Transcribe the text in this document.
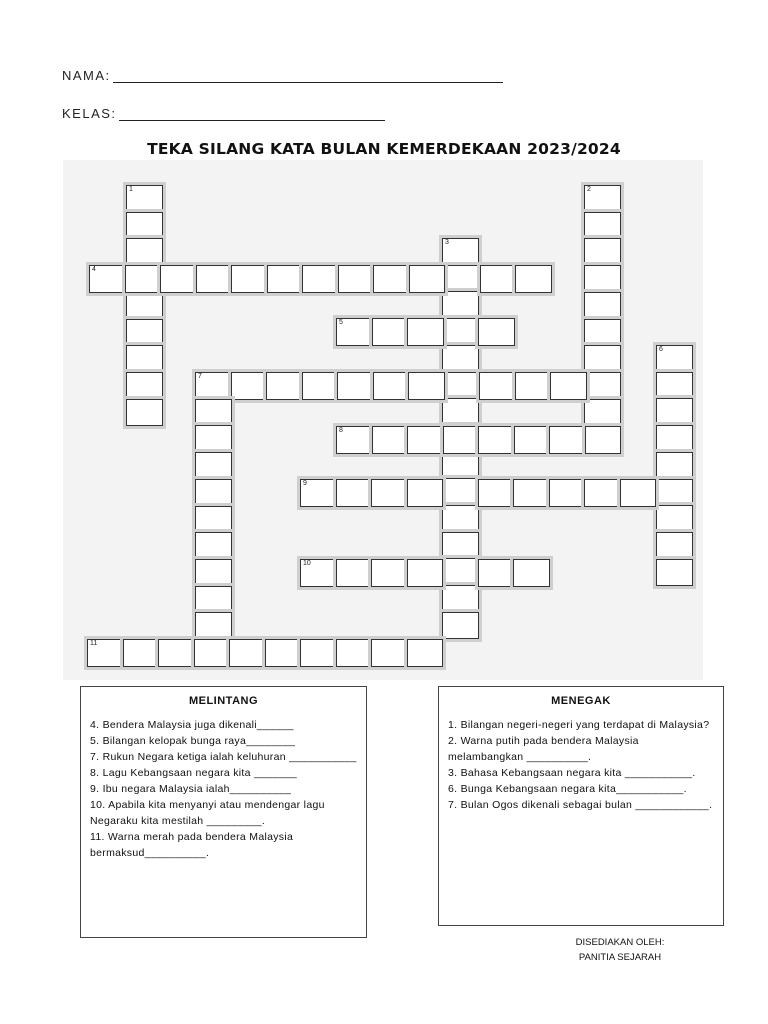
NAMA:
KELAS:
TEKA SILANG KATA BULAN KEMERDEKAAN 2023/2024
1	2
3
4
5
6
7
8
9
10
11
MELINTANG
4. Bendera Malaysia juga dikenali______
5. Bilangan kelopak bunga raya________
7. Rukun Negara ketiga ialah keluhuran ___________
8. Lagu Kebangsaan negara kita _______
9. Ibu negara Malaysia ialah__________
10. Apabila kita menyanyi atau mendengar lagu Negaraku kita mestilah _________.
11. Warna merah pada bendera Malaysia bermaksud__________.
MENEGAK
1. Bilangan negeri-negeri yang terdapat di Malaysia?
2. Warna putih pada bendera Malaysia melambangkan __________.
3. Bahasa Kebangsaan negara kita ___________.
6. Bunga Kebangsaan negara kita___________.
7. Bulan Ogos dikenali sebagai bulan ____________.
DISEDIAKAN OLEH:
PANITIA SEJARAH
